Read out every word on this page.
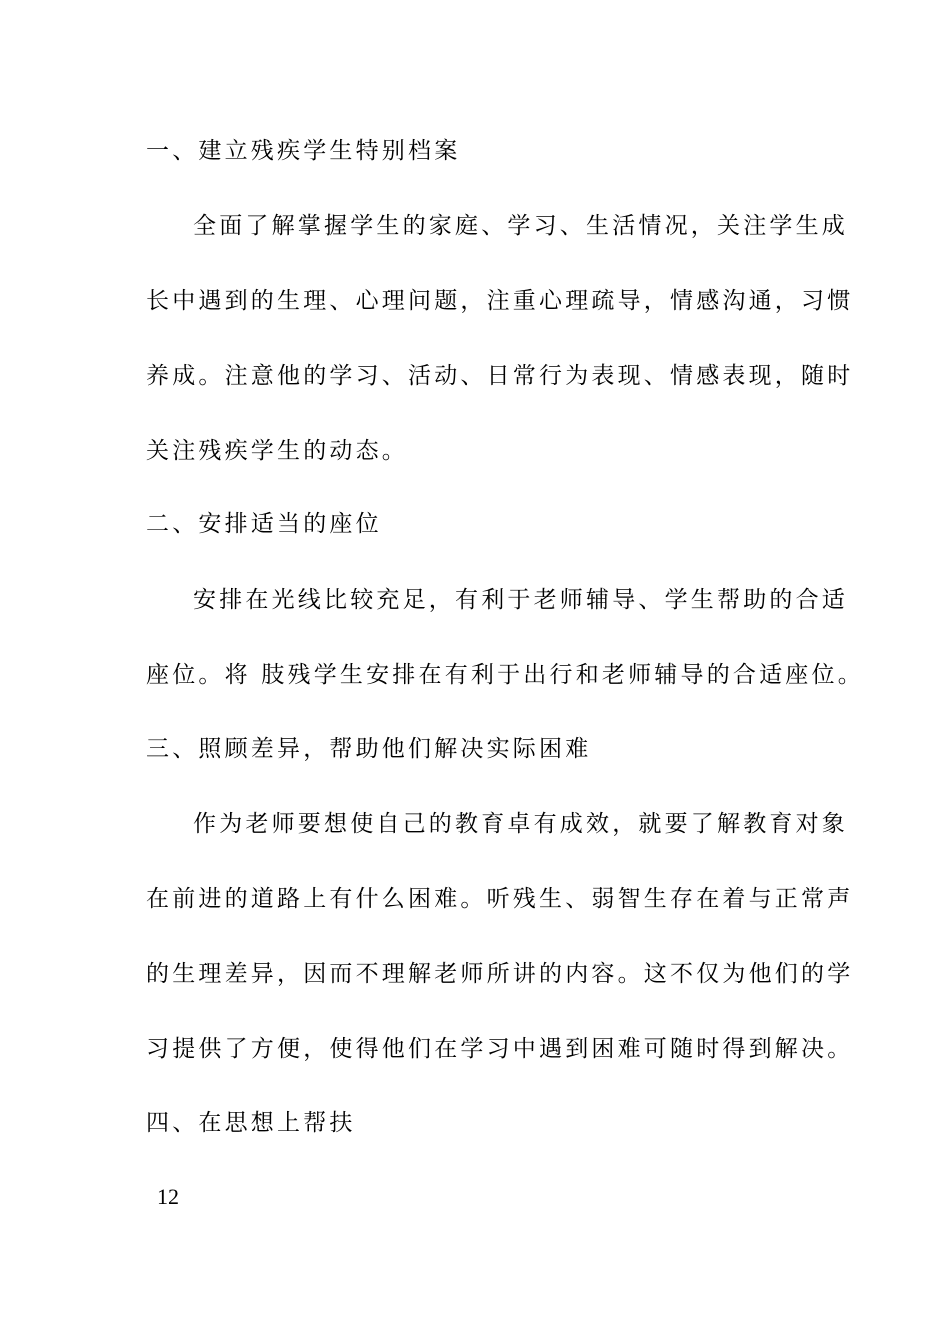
一、建立残疾学生特别档案
全面了解掌握学生的家庭、学习、生活情况，关注学生成
长中遇到的生理、心理问题，注重心理疏导，情感沟通，习惯
养成。注意他的学习、活动、日常行为表现、情感表现，随时
关注残疾学生的动态。
二、安排适当的座位
安排在光线比较充足，有利于老师辅导、学生帮助的合适
座位。将 肢残学生安排在有利于出行和老师辅导的合适座位。
三、照顾差异，帮助他们解决实际困难
作为老师要想使自己的教育卓有成效，就要了解教育对象
在前进的道路上有什么困难。听残生、弱智生存在着与正常声
的生理差异，因而不理解老师所讲的内容。这不仅为他们的学
习提供了方便，使得他们在学习中遇到困难可随时得到解决。
四、在思想上帮扶
12
